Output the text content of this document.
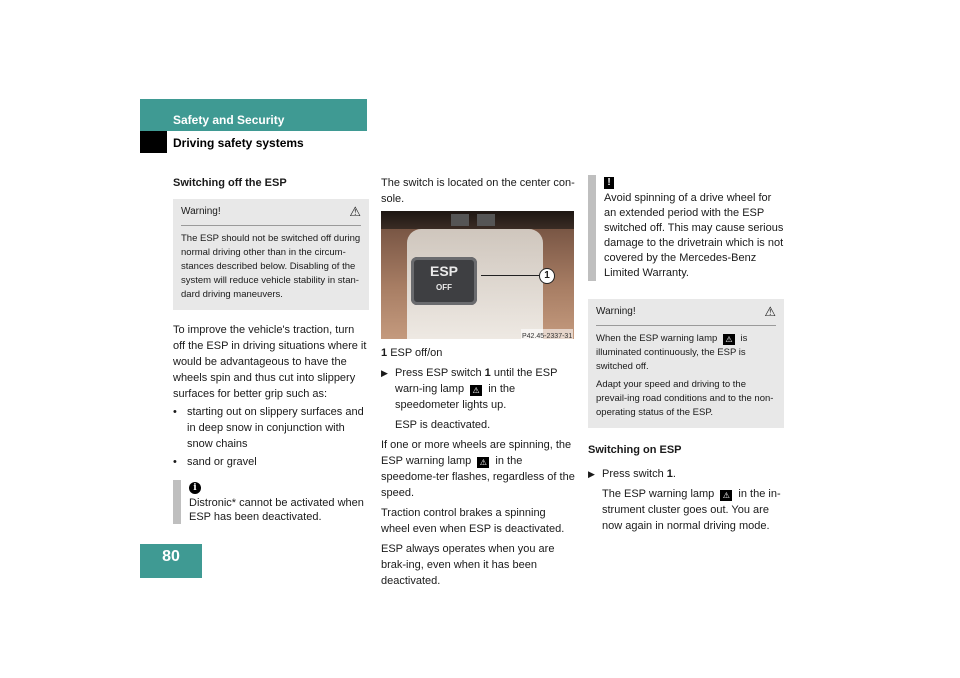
Safety and Security
Driving safety systems
Switching off the ESP
Warning!	⚠
The ESP should not be switched off during normal driving other than in the circum-stances described below. Disabling of the system will reduce vehicle stability in stan-dard driving maneuvers.

To improve the vehicle's traction, turn off the ESP in driving situations where it would be advantageous to have the wheels spin and thus cut into slippery surfaces for better grip such as:

• starting out on slippery surfaces and in deep snow in conjunction with snow chains
• sand or gravel
i
Distronic* cannot be activated when ESP has been deactivated.

The switch is located on the center con-sole.

ESP
OFF
1
P42.45-2337-31
1 ESP off/on
▶ Press ESP switch 1 until the ESP warn-ing lamp ⚠ in the speedometer lights up.

ESP is deactivated.

If one or more wheels are spinning, the ESP warning lamp ⚠ in the speedome-ter flashes, regardless of the speed.

Traction control brakes a spinning wheel even when ESP is deactivated.

ESP always operates when you are brak-ing, even when it has been deactivated.

!
Avoid spinning of a drive wheel for an extended period with the ESP switched off. This may cause serious damage to the drivetrain which is not covered by the Mercedes-Benz Limited Warranty.
Warning!	⚠
When the ESP warning lamp ⚠ is illuminated continuously, the ESP is switched off.
Adapt your speed and driving to the prevail-ing road conditions and to the non-operating status of the ESP.
Switching on ESP
▶ Press switch 1.

The ESP warning lamp ⚠ in the in-strument cluster goes out. You are now again in normal driving mode.

80
